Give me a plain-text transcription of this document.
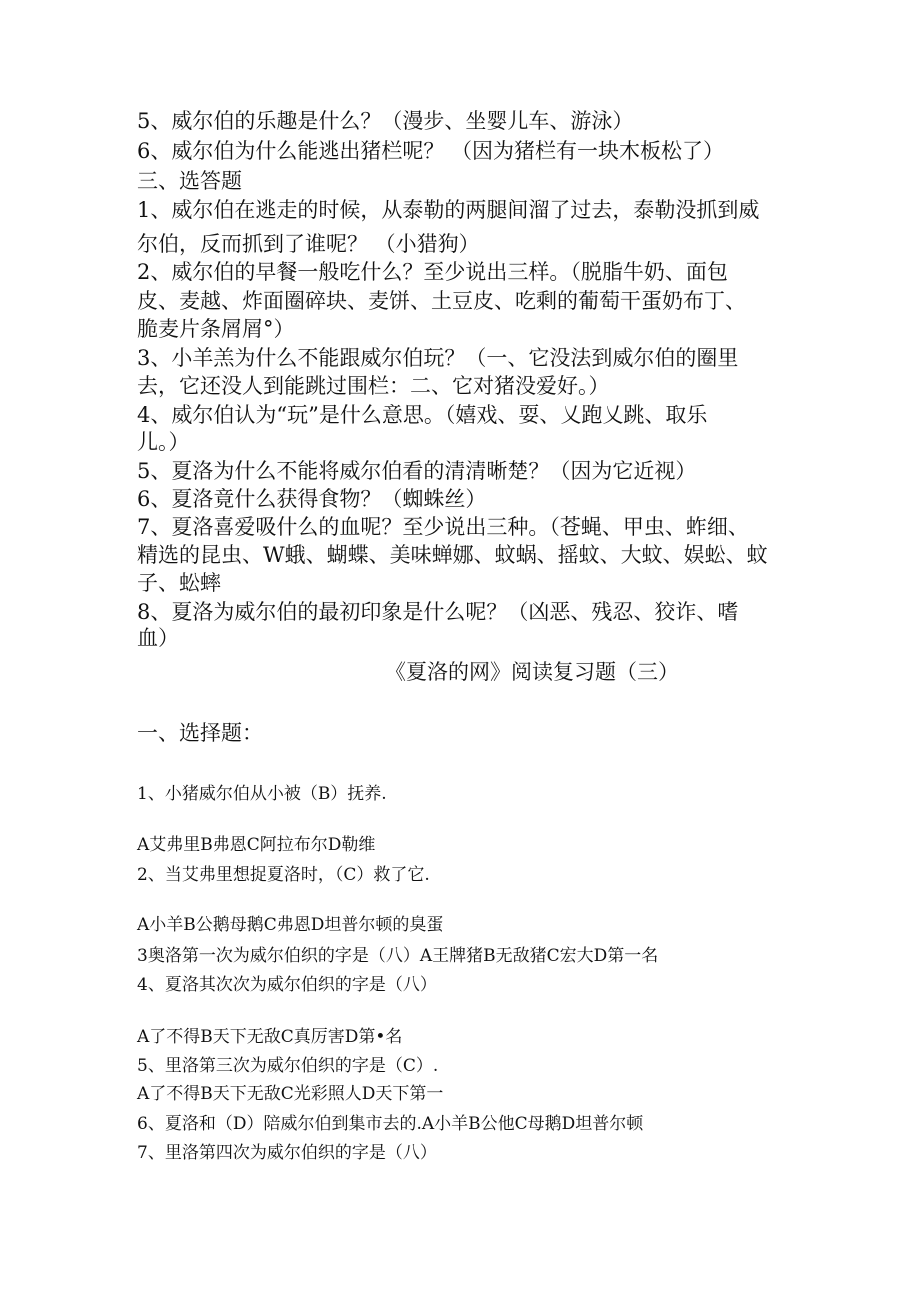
5、威尔伯的乐趣是什么？（漫步、坐婴儿车、游泳）
6、威尔伯为什么能逃出猪栏呢？ （因为猪栏有一块木板松了）
三、选答题
1、威尔伯在逃走的时候，从泰勒的两腿间溜了过去，泰勒没抓到威
尔伯，反而抓到了谁呢？ （小猎狗）
2、威尔伯的早餐一般吃什么？至少说出三样。（脱脂牛奶、面包
皮、麦越、炸面圈碎块、麦饼、土豆皮、吃剩的葡萄干蛋奶布丁、
脆麦片条屑屑°）
3、小羊羔为什么不能跟威尔伯玩？（一、它没法到威尔伯的圈里
去，它还没人到能跳过围栏：二、它对猪没爱好。）
4、威尔伯认为“玩”是什么意思。（嬉戏、耍、乂跑乂跳、取乐
儿。）
5、夏洛为什么不能将威尔伯看的清清晰楚？（因为它近视）
6、夏洛竟什么获得食物？（蜘蛛丝）
7、夏洛喜爱吸什么的血呢？至少说出三种。（苍蝇、甲虫、蚱细、
精选的昆虫、W蛾、蝴蝶、美味蝉娜、蚊蜗、摇蚊、大蚊、娱蚣、蚊
子、蚣蟀
8、夏洛为威尔伯的最初印象是什么呢？（凶恶、残忍、狡诈、嗜
血）
《夏洛的网》阅读复习题（三）
一、选择题：
1、小猪威尔伯从小被（B）抚养.
A艾弗里B弗恩C阿拉布尔D勒维
2、当艾弗里想捉夏洛时，（C）救了它.
A小羊B公鹅母鹅C弗恩D坦普尔顿的臭蛋
3奥洛第一次为威尔伯织的字是（八）A王牌猪B无敌猪C宏大D第一名
4、夏洛其次次为威尔伯织的字是（八）
A了不得B天下无敌C真厉害D第•名
5、里洛第三次为威尔伯织的字是（C）.
A了不得B天下无敌C光彩照人D天下第一
6、夏洛和（D）陪威尔伯到集市去的.A小羊B公他C母鹅D坦普尔顿
7、里洛第四次为威尔伯织的字是（八）
